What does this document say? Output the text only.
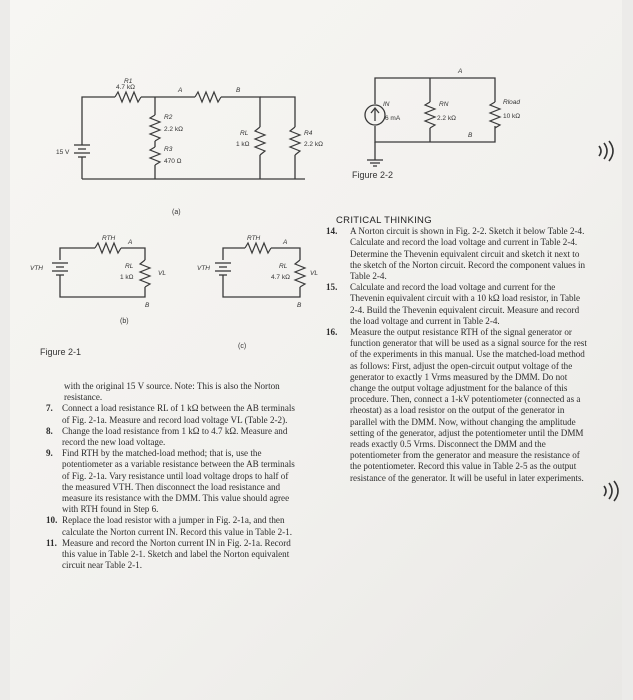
​
15 V
R1
4.7 kΩ
R2
2.2 kΩ
R3
470 Ω
RL
1 kΩ
R4
2.2 kΩ
A	B
(a)
VTH
RTH
A
RL
1 kΩ
VL
B
(b)
VTH
RTH
A
RL
4.7 kΩ
VL
B
(c)
Figure 2-1
IN
6 mA
RN
2.2 kΩ
Rload
10 kΩ
A
B
Figure 2-2

with the original 15 V source. Note: This is also the Norton resistance.

7. Connect a load resistance RL of 1 kΩ between the AB terminals of Fig. 2-1a. Measure and record load voltage VL (Table 2-2).

8. Change the load resistance from 1 kΩ to 4.7 kΩ. Measure and record the new load voltage.

9. Find RTH by the matched-load method; that is, use the potentiometer as a variable resistance between the AB terminals of Fig. 2-1a. Vary resistance until load voltage drops to half of the measured VTH. Then disconnect the load resistance and measure its resistance with the DMM. This value should agree with RTH found in Step 6.

10. Replace the load resistor with a jumper in Fig. 2-1a, and then calculate the Norton current IN. Record this value in Table 2-1.

11. Measure and record the Norton current IN in Fig. 2-1a. Record this value in Table 2-1. Sketch and label the Norton equivalent circuit near Table 2-1.

CRITICAL THINKING

14. A Norton circuit is shown in Fig. 2-2. Sketch it below Table 2-4. Calculate and record the load voltage and current in Table 2-4. Determine the Thevenin equivalent circuit and sketch it next to the sketch of the Norton circuit. Record the component values in Table 2-4.

15. Calculate and record the load voltage and current for the Thevenin equivalent circuit with a 10 kΩ load resistor, in Table 2-4. Build the Thevenin equivalent circuit. Measure and record the load voltage and current in Table 2-4.

16. Measure the output resistance RTH of the signal generator or function generator that will be used as a signal source for the rest of the experiments in this manual. Use the matched-load method as follows: First, adjust the open-circuit output voltage of the generator to exactly 1 Vrms measured by the DMM. Do not change the output voltage adjustment for the balance of this procedure. Then, connect a 1-kV potentiometer (connected as a rheostat) as a load resistor on the output of the generator in parallel with the DMM. Now, without changing the amplitude setting of the generator, adjust the potentiometer until the DMM reads exactly 0.5 Vrms. Disconnect the DMM and the potentiometer from the generator and measure the resistance of the potentiometer. Record this value in Table 2-5 as the output resistance of the generator. It will be useful in later experiments.
